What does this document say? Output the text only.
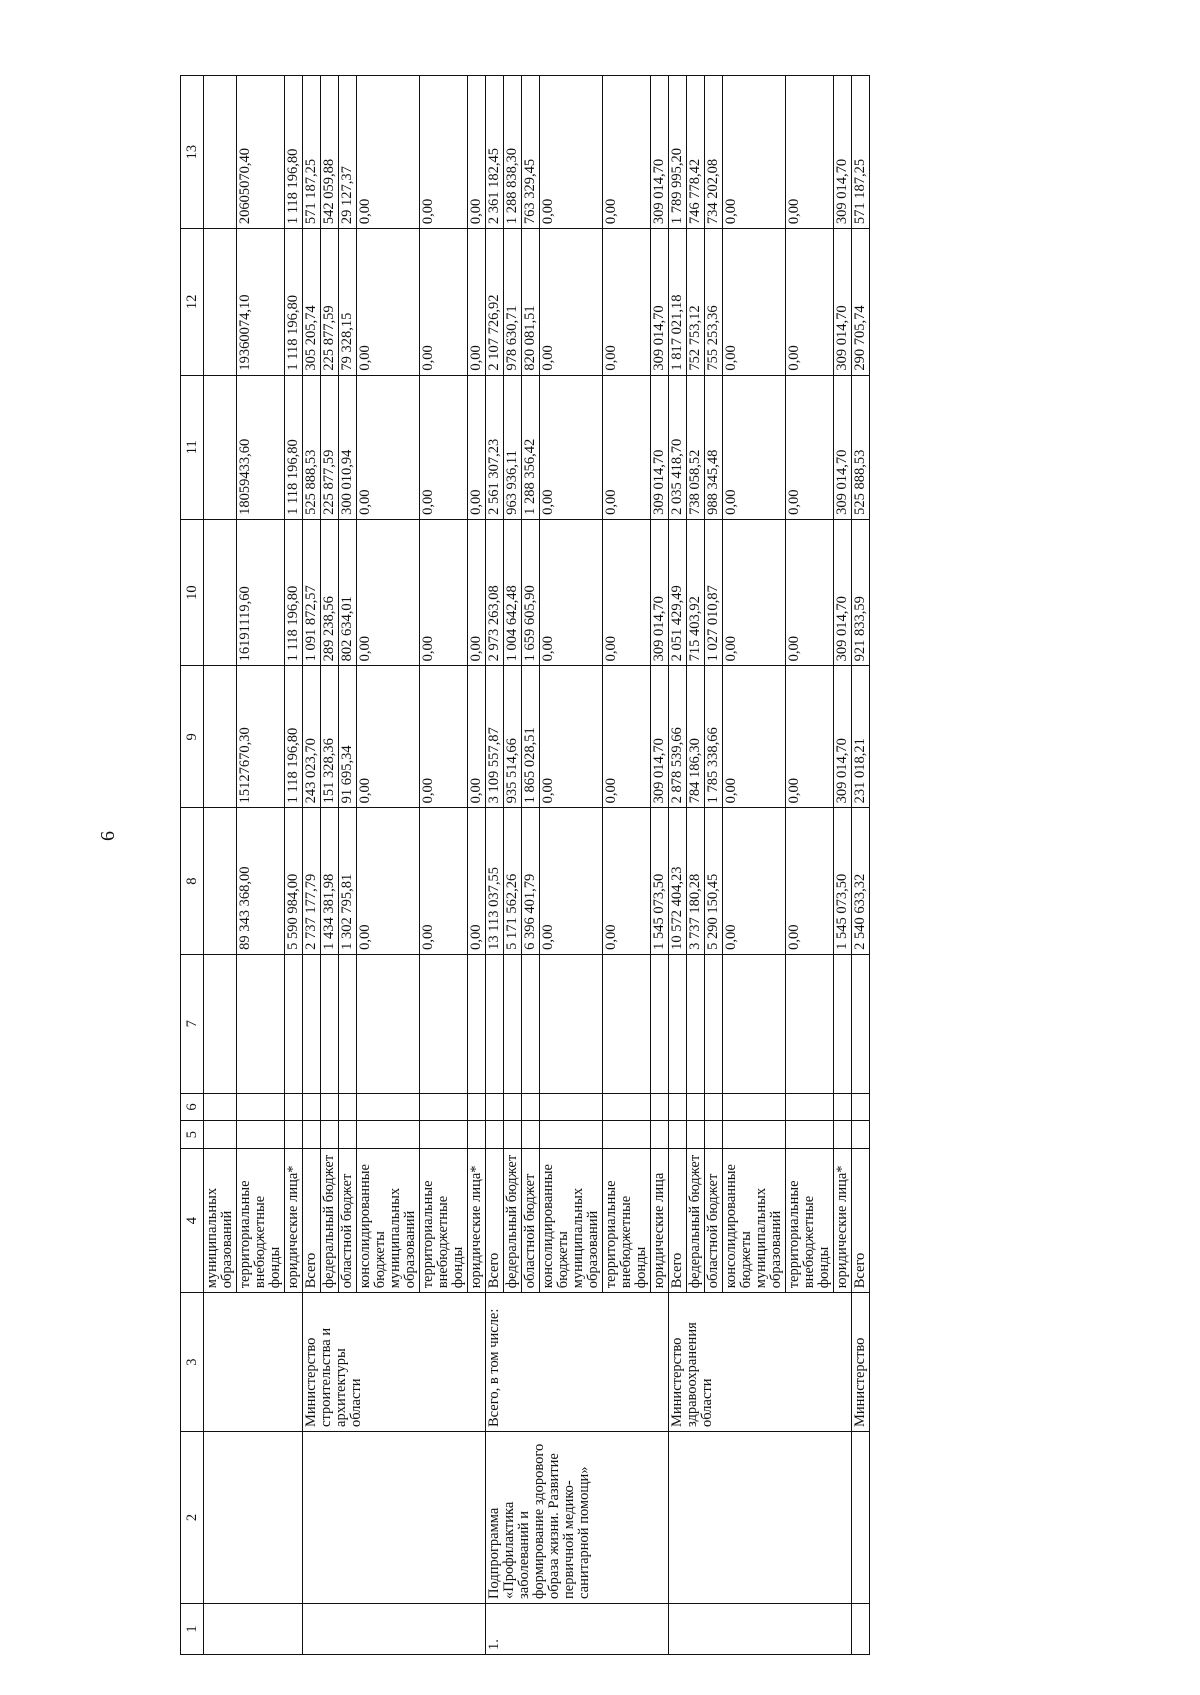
6
1	2	3	4	5	6	7	8	9	10	11	12	13
			муниципальных образований									
			территориальные внебюджетные фонды				89 343 368,00	15127670,30	16191119,60	18059433,60	19360074,10	20605070,40
			юридические лица*				5 590 984,00	1 118 196,80	1 118 196,80	1 118 196,80	1 118 196,80	1 118 196,80
		Министерство строительства и архитектуры области	Всего				2 737 177,79	243 023,70	1 091 872,57	525 888,53	305 205,74	571 187,25
			федеральный бюджет				1 434 381,98	151 328,36	289 238,56	225 877,59	225 877,59	542 059,88
			областной бюджет				1 302 795,81	91 695,34	802 634,01	300 010,94	79 328,15	29 127,37
			консолидированные бюджеты муниципальных образований				0,00	0,00	0,00	0,00	0,00	0,00
			территориальные внебюджетные фонды				0,00	0,00	0,00	0,00	0,00	0,00
			юридические лица*				0,00	0,00	0,00	0,00	0,00	0,00
1.	Подпрограмма «Профилактика заболеваний и формирование здорового образа жизни. Развитие первичной медико-санитарной помощи»	Всего, в том числе:	Всего				13 113 037,55	3 109 557,87	2 973 263,08	2 561 307,23	2 107 726,92	2 361 182,45
			федеральный бюджет				5 171 562,26	935 514,66	1 004 642,48	963 936,11	978 630,71	1 288 838,30
			областной бюджет				6 396 401,79	1 865 028,51	1 659 605,90	1 288 356,42	820 081,51	763 329,45
			консолидированные бюджеты муниципальных образований				0,00	0,00	0,00	0,00	0,00	0,00
			территориальные внебюджетные фонды				0,00	0,00	0,00	0,00	0,00	0,00
			юридические лица				1 545 073,50	309 014,70	309 014,70	309 014,70	309 014,70	309 014,70
		Министерство здравоохранения области	Всего				10 572 404,23	2 878 539,66	2 051 429,49	2 035 418,70	1 817 021,18	1 789 995,20
			федеральный бюджет				3 737 180,28	784 186,30	715 403,92	738 058,52	752 753,12	746 778,42
			областной бюджет				5 290 150,45	1 785 338,66	1 027 010,87	988 345,48	755 253,36	734 202,08
			консолидированные бюджеты муниципальных образований				0,00	0,00	0,00	0,00	0,00	0,00
			территориальные внебюджетные фонды				0,00	0,00	0,00	0,00	0,00	0,00
			юридические лица*				1 545 073,50	309 014,70	309 014,70	309 014,70	309 014,70	309 014,70
		Министерство	Всего				2 540 633,32	231 018,21	921 833,59	525 888,53	290 705,74	571 187,25
